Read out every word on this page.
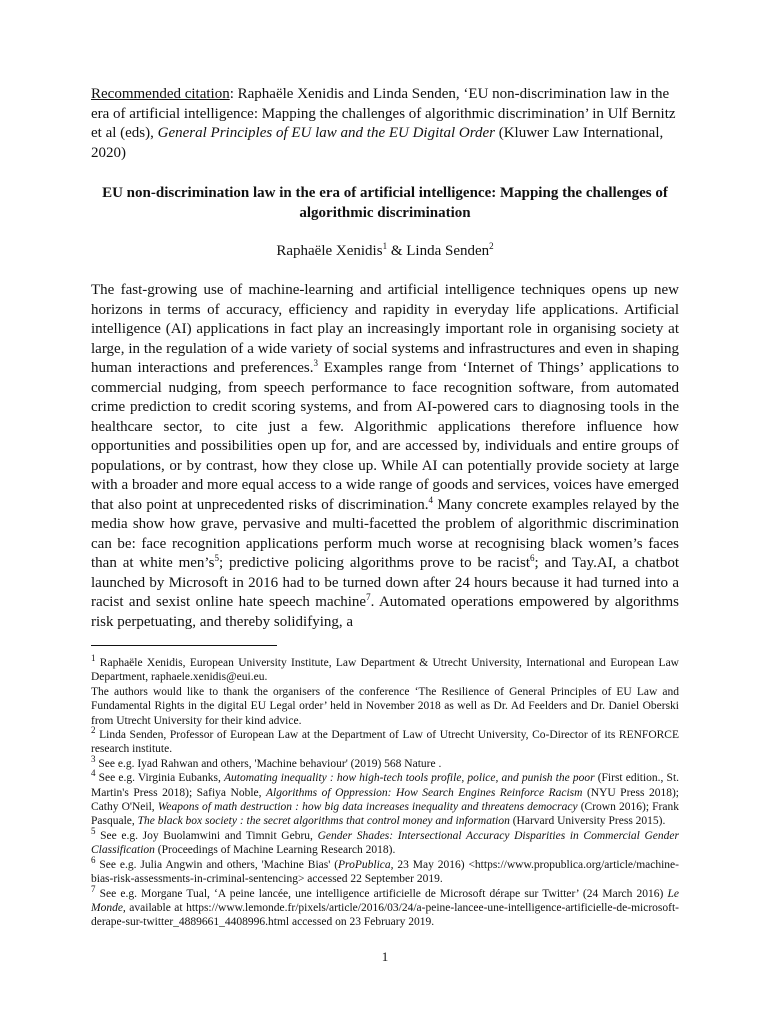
Recommended citation: Raphaële Xenidis and Linda Senden, ‘EU non-discrimination law in the era of artificial intelligence: Mapping the challenges of algorithmic discrimination’ in Ulf Bernitz et al (eds), General Principles of EU law and the EU Digital Order (Kluwer Law International, 2020)

EU non-discrimination law in the era of artificial intelligence: Mapping the challenges of algorithmic discrimination

Raphaële Xenidis$^1$ & Linda Senden$^2$

The fast-growing use of machine-learning and artificial intelligence techniques opens up new horizons in terms of accuracy, efficiency and rapidity in everyday life applications. Artificial intelligence (AI) applications in fact play an increasingly important role in organising society at large, in the regulation of a wide variety of social systems and infrastructures and even in shaping human interactions and preferences.$^3$ Examples range from ‘Internet of Things’ applications to commercial nudging, from speech performance to face recognition software, from automated crime prediction to credit scoring systems, and from AI-powered cars to diagnosing tools in the healthcare sector, to cite just a few. Algorithmic applications therefore influence how opportunities and possibilities open up for, and are accessed by, individuals and entire groups of populations, or by contrast, how they close up. While AI can potentially provide society at large with a broader and more equal access to a wide range of goods and services, voices have emerged that also point at unprecedented risks of discrimination.$^4$ Many concrete examples relayed by the media show how grave, pervasive and multi-facetted the problem of algorithmic discrimination can be: face recognition applications perform much worse at recognising black women’s faces than at white $men’s^5$; predictive policing algorithms prove to be racist$^6$; and Tay.AI, a chatbot launched by Microsoft in 2016 had to be turned down after 24 hours because it had turned into a racist and sexist online hate speech machine$^7$. Automated operations empowered by algorithms risk perpetuating, and thereby solidifying, a

$^1$ Raphaële Xenidis, European University Institute, Law Department & Utrecht University, International and European Law Department, raphaele.xenidis@eui.eu.

The authors would like to thank the organisers of the conference ‘The Resilience of General Principles of EU Law and Fundamental Rights in the digital EU Legal order’ held in November 2018 as well as Dr. Ad Feelders and Dr. Daniel Oberski from Utrecht University for their kind advice.

$^2$ Linda Senden, Professor of European Law at the Department of Law of Utrecht University, Co-Director of its RENFORCE research institute.

$^3$ See e.g. Iyad Rahwan and others, 'Machine behaviour' (2019) 568 Nature .

$^4$ See e.g. Virginia Eubanks, Automating inequality : how high-tech tools profile, police, and punish the poor (First edition., St. Martin's Press 2018); Safiya Noble, Algorithms of Oppression: How Search Engines Reinforce Racism (NYU Press 2018); Cathy O'Neil, Weapons of math destruction : how big data increases inequality and threatens democracy (Crown 2016); Frank Pasquale, The black box society : the secret algorithms that control money and information (Harvard University Press 2015).

$^5$ See e.g. Joy Buolamwini and Timnit Gebru, Gender Shades: Intersectional Accuracy Disparities in Commercial Gender Classification (Proceedings of Machine Learning Research 2018).

$^6$ See e.g. Julia Angwin and others, 'Machine Bias' (ProPublica, 23 May 2016) <https://www.propublica.org/article/machine-bias-risk-assessments-in-criminal-sentencing> accessed 22 September 2019.

$^7$ See e.g. Morgane Tual, ‘A peine lancée, une intelligence artificielle de Microsoft dérape sur Twitter’ (24 March 2016) Le Monde, available at https://www.lemonde.fr/pixels/article/2016/03/24/a-peine-lancee-une-intelligence-artificielle-de-microsoft-derape-sur-twitter_4889661_4408996.html accessed on 23 February 2019.

1
